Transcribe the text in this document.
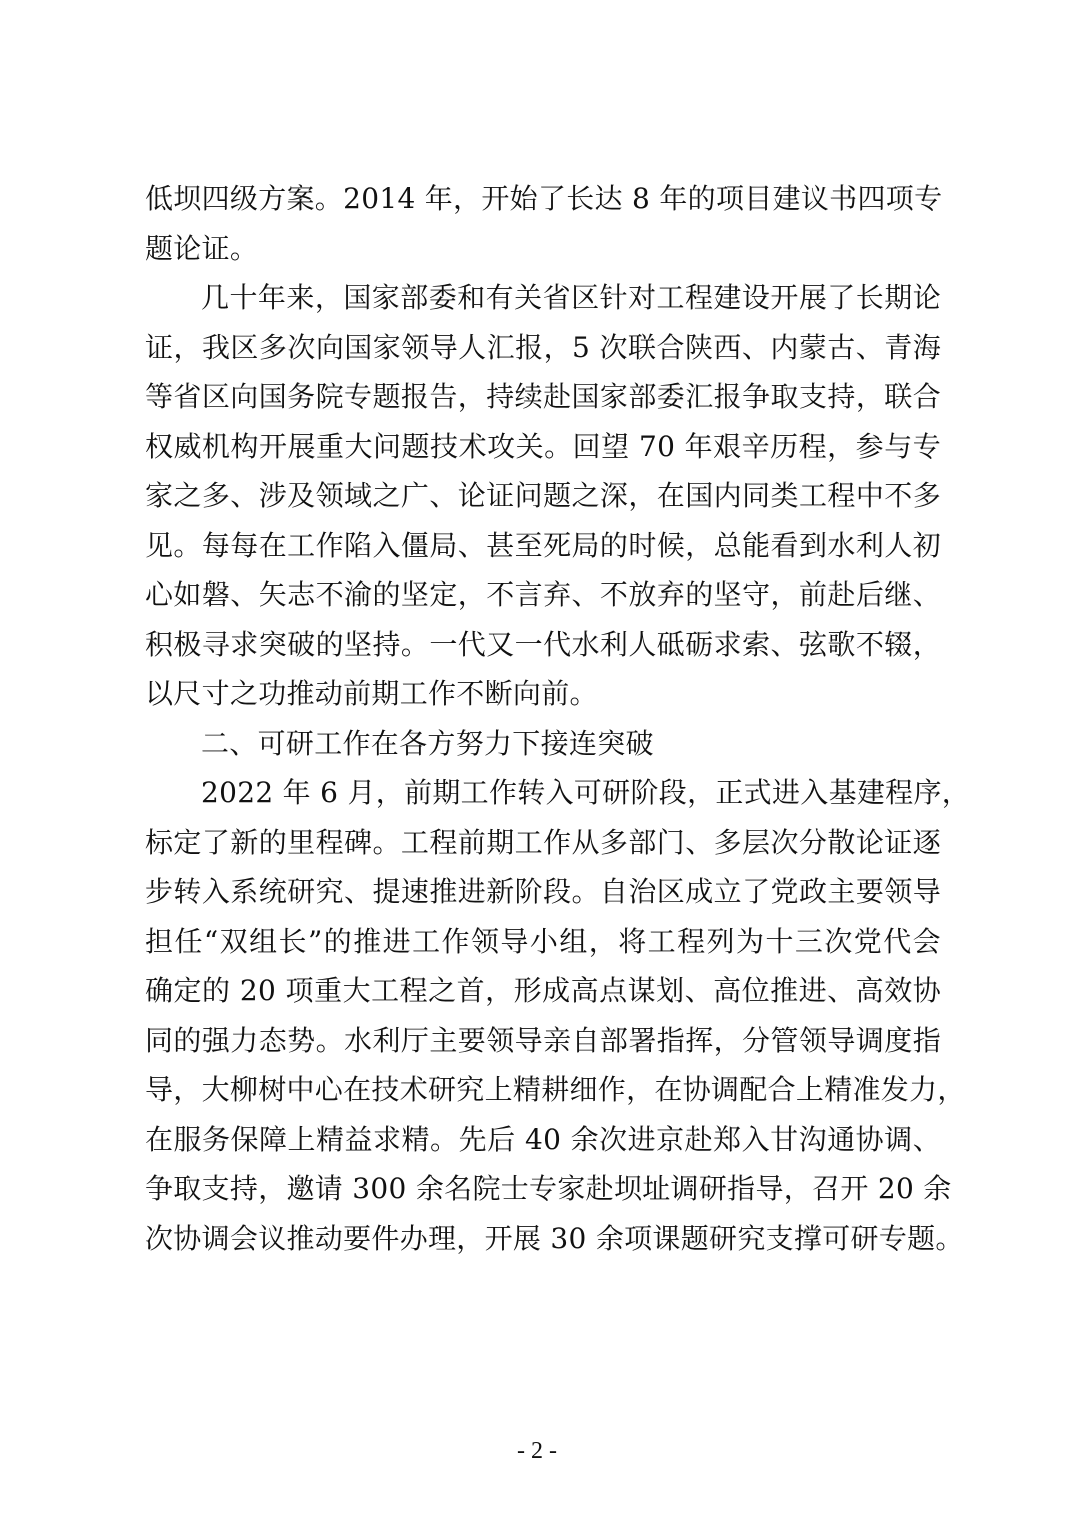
低坝四级方案。2014 年，开始了长达 8 年的项目建议书四项专
题论证。
几十年来，国家部委和有关省区针对工程建设开展了长期论
证，我区多次向国家领导人汇报，5 次联合陕西、内蒙古、青海
等省区向国务院专题报告，持续赴国家部委汇报争取支持，联合
权威机构开展重大问题技术攻关。回望 70 年艰辛历程，参与专
家之多、涉及领域之广、论证问题之深，在国内同类工程中不多
见。每每在工作陷入僵局、甚至死局的时候，总能看到水利人初
心如磐、矢志不渝的坚定，不言弃、不放弃的坚守，前赴后继、
积极寻求突破的坚持。一代又一代水利人砥砺求索、弦歌不辍，
以尺寸之功推动前期工作不断向前。
二、可研工作在各方努力下接连突破
2022 年 6 月，前期工作转入可研阶段，正式进入基建程序，
标定了新的里程碑。工程前期工作从多部门、多层次分散论证逐
步转入系统研究、提速推进新阶段。自治区成立了党政主要领导
担任“双组长”的推进工作领导小组，将工程列为十三次党代会
确定的 20 项重大工程之首，形成高点谋划、高位推进、高效协
同的强力态势。水利厅主要领导亲自部署指挥，分管领导调度指
导，大柳树中心在技术研究上精耕细作，在协调配合上精准发力，
在服务保障上精益求精。先后 40 余次进京赴郑入甘沟通协调、
争取支持，邀请 300 余名院士专家赴坝址调研指导，召开 20 余
次协调会议推动要件办理，开展 30 余项课题研究支撑可研专题。
- 2 -
